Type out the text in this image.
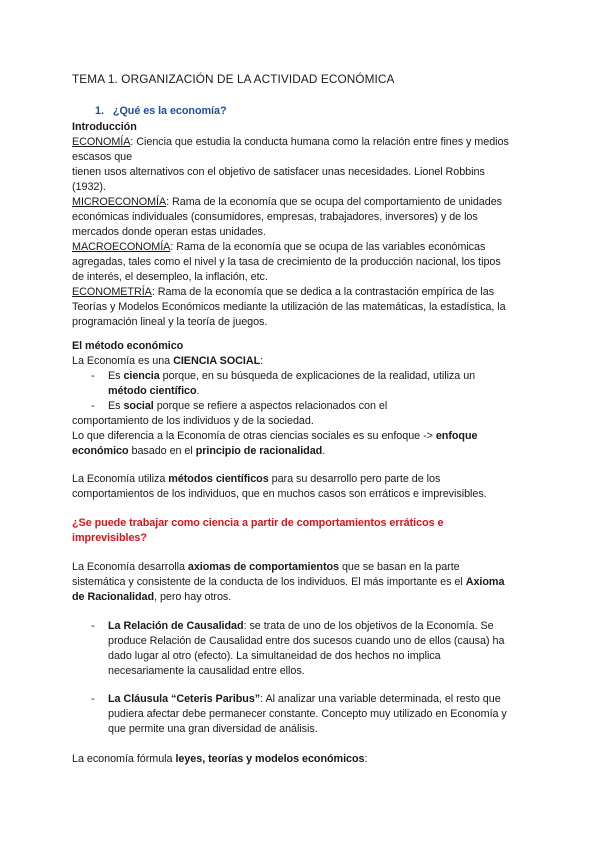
TEMA 1. ORGANIZACIÓN DE LA ACTIVIDAD ECONÓMICA
1. ¿Qué es la economía?
Introducción
ECONOMÍA: Ciencia que estudia la conducta humana como la relación entre fines y medios
escasos que
tienen usos alternativos con el objetivo de satisfacer unas necesidades. Lionel Robbins
(1932).
MICROECONOMÍA: Rama de la economía que se ocupa del comportamiento de unidades
económicas individuales (consumidores, empresas, trabajadores, inversores) y de los
mercados donde operan estas unidades.
MACROECONOMÍA: Rama de la economía que se ocupa de las variables económicas
agregadas, tales como el nivel y la tasa de crecimiento de la producción nacional, los tipos
de interés, el desempleo, la inflación, etc.
ECONOMETRÍA: Rama de la economía que se dedica a la contrastación empírica de las
Teorías y Modelos Económicos mediante la utilización de las matemáticas, la estadística, la
programación lineal y la teoría de juegos.
El método económico
La Economía es una CIENCIA SOCIAL:
- Es ciencia porque, en su búsqueda de explicaciones de la realidad, utiliza un
método científico.
- Es social porque se refiere a aspectos relacionados con el
comportamiento de los individuos y de la sociedad.
Lo que diferencia a la Economía de otras ciencias sociales es su enfoque -> enfoque
económico basado en el principio de racionalidad.
La Economía utiliza métodos científicos para su desarrollo pero parte de los
comportamientos de los individuos, que en muchos casos son erráticos e imprevisibles.
¿Se puede trabajar como ciencia a partir de comportamientos erráticos e
imprevisibles?
La Economía desarrolla axiomas de comportamientos que se basan en la parte
sistemática y consistente de la conducta de los individuos. El más importante es el Axioma
de Racionalidad, pero hay otros.
- La Relación de Causalidad: se trata de uno de los objetivos de la Economía. Se
produce Relación de Causalidad entre dos sucesos cuando uno de ellos (causa) ha
dado lugar al otro (efecto). La simultaneidad de dos hechos no implica
necesariamente la causalidad entre ellos.
- La Cláusula “Ceteris Paribus”: Al analizar una variable determinada, el resto que
pudiera afectar debe permanecer constante. Concepto muy utilizado en Economía y
que permite una gran diversidad de análisis.
La economía fórmula leyes, teorías y modelos económicos:
